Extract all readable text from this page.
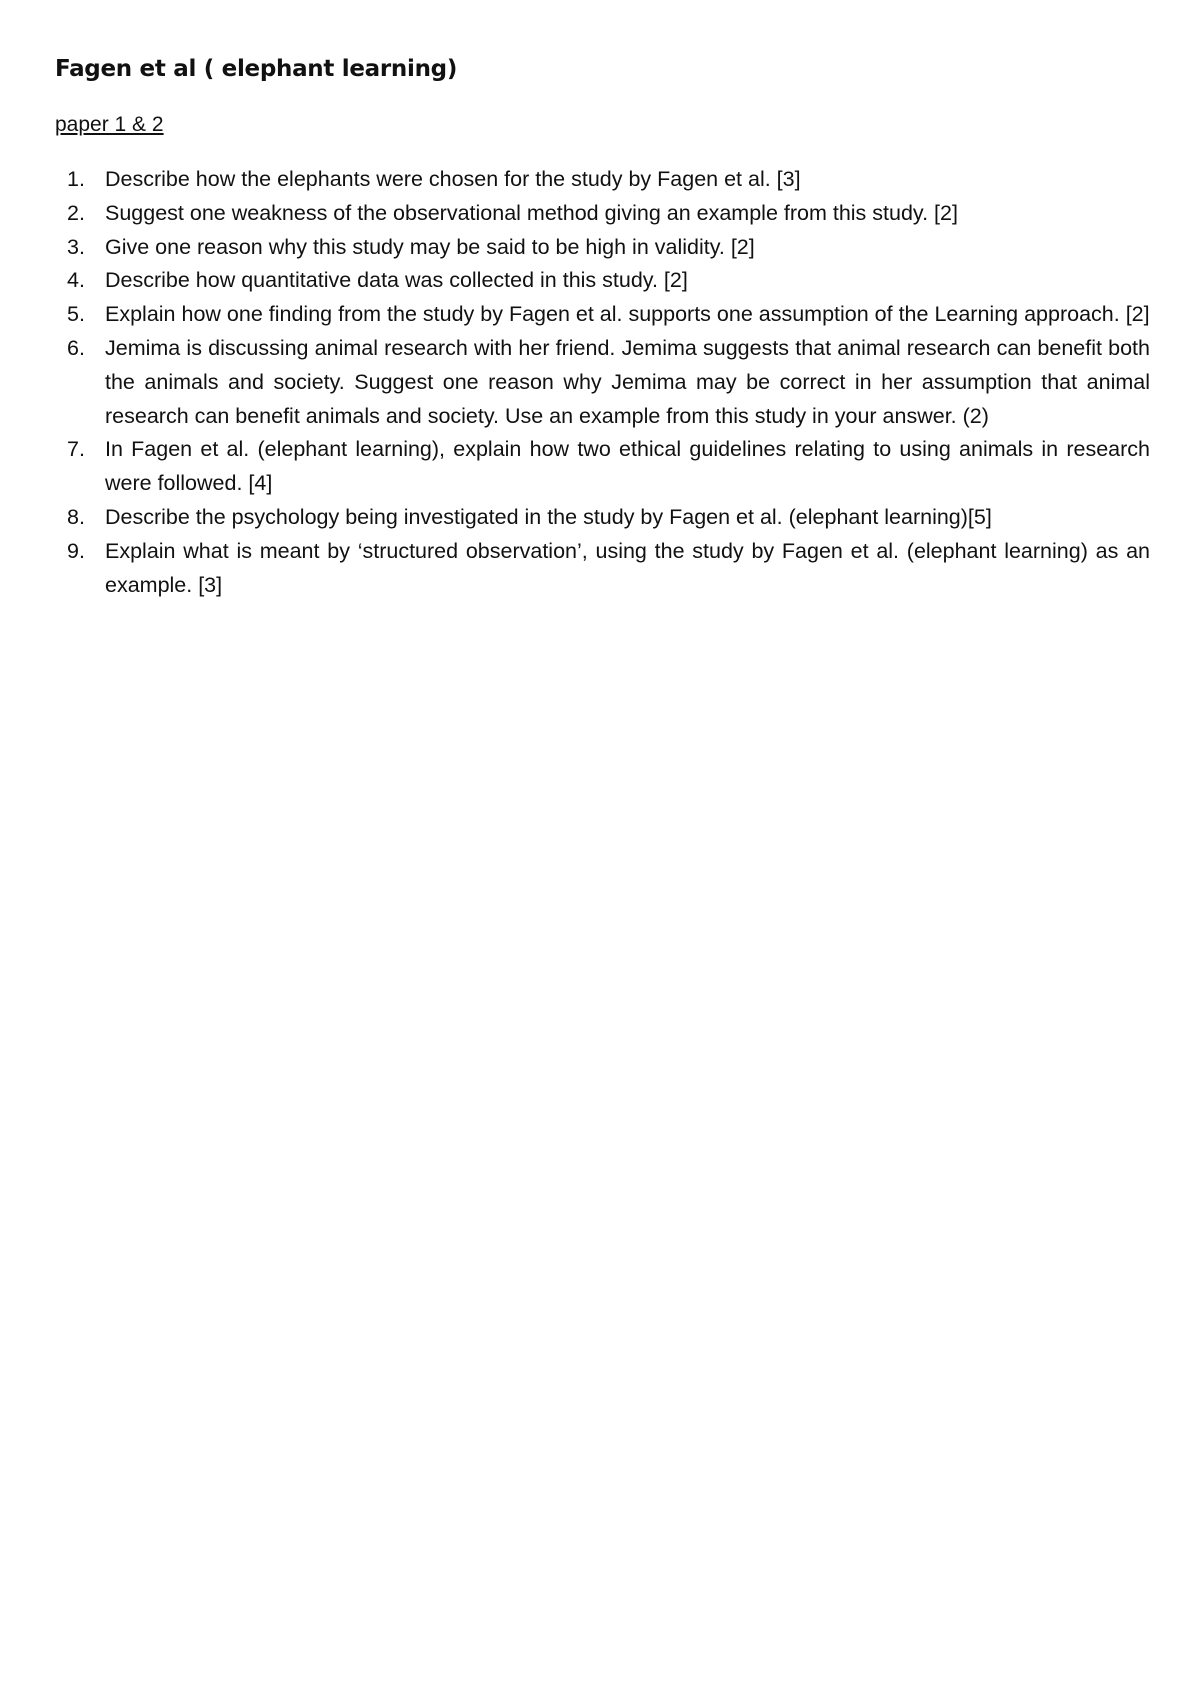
Fagen et al ( elephant learning)

paper 1 & 2

1. Describe how the elephants were chosen for the study by Fagen et al. [3]
2. Suggest one weakness of the observational method giving an example from this study. [2]
3. Give one reason why this study may be said to be high in validity. [2]
4. Describe how quantitative data was collected in this study. [2]
5. Explain how one finding from the study by Fagen et al. supports one assumption of the Learning approach. [2]
6. Jemima is discussing animal research with her friend. Jemima suggests that animal research can benefit both the animals and society. Suggest one reason why Jemima may be correct in her assumption that animal research can benefit animals and society. Use an example from this study in your answer. (2)
7. In Fagen et al. (elephant learning), explain how two ethical guidelines relating to using animals in research were followed. [4]
8. Describe the psychology being investigated in the study by Fagen et al. (elephant learning)[5]
9. Explain what is meant by ‘structured observation’, using the study by Fagen et al. (elephant learning) as an example. [3]
